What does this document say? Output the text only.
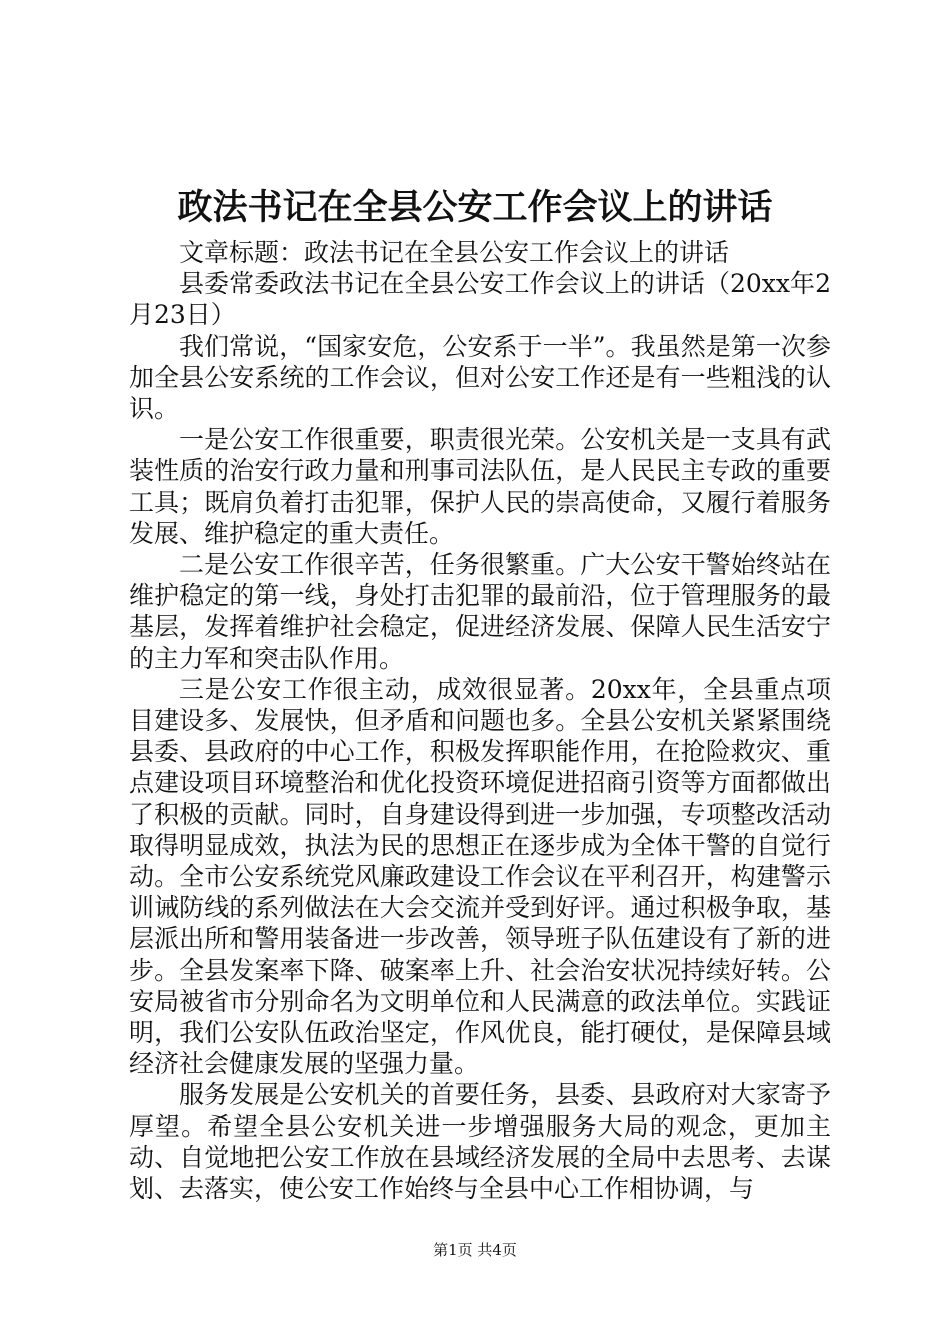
政法书记在全县公安工作会议上的讲话

文章标题：政法书记在全县公安工作会议上的讲话

县委常委政法书记在全县公安工作会议上的讲话（20xx年2月23日）

我们常说，“国家安危，公安系于一半”。我虽然是第一次参加全县公安系统的工作会议，但对公安工作还是有一些粗浅的认识。

一是公安工作很重要，职责很光荣。公安机关是一支具有武装性质的治安行政力量和刑事司法队伍，是人民民主专政的重要工具；既肩负着打击犯罪，保护人民的崇高使命，又履行着服务发展、维护稳定的重大责任。

二是公安工作很辛苦，任务很繁重。广大公安干警始终站在维护稳定的第一线，身处打击犯罪的最前沿，位于管理服务的最基层，发挥着维护社会稳定，促进经济发展、保障人民生活安宁的主力军和突击队作用。

三是公安工作很主动，成效很显著。20xx年，全县重点项目建设多、发展快，但矛盾和问题也多。全县公安机关紧紧围绕县委、县政府的中心工作，积极发挥职能作用，在抢险救灾、重点建设项目环境整治和优化投资环境促进招商引资等方面都做出了积极的贡献。同时，自身建设得到进一步加强，专项整改活动取得明显成效，执法为民的思想正在逐步成为全体干警的自觉行动。全市公安系统党风廉政建设工作会议在平利召开，构建警示训诫防线的系列做法在大会交流并受到好评。通过积极争取，基层派出所和警用装备进一步改善，领导班子队伍建设有了新的进步。全县发案率下降、破案率上升、社会治安状况持续好转。公安局被省市分别命名为文明单位和人民满意的政法单位。实践证明，我们公安队伍政治坚定，作风优良，能打硬仗，是保障县域经济社会健康发展的坚强力量。

服务发展是公安机关的首要任务，县委、县政府对大家寄予厚望。希望全县公安机关进一步增强服务大局的观念，更加主动、自觉地把公安工作放在县域经济发展的全局中去思考、去谋划、去落实，使公安工作始终与全县中心工作相协调，与

第1页 共4页
